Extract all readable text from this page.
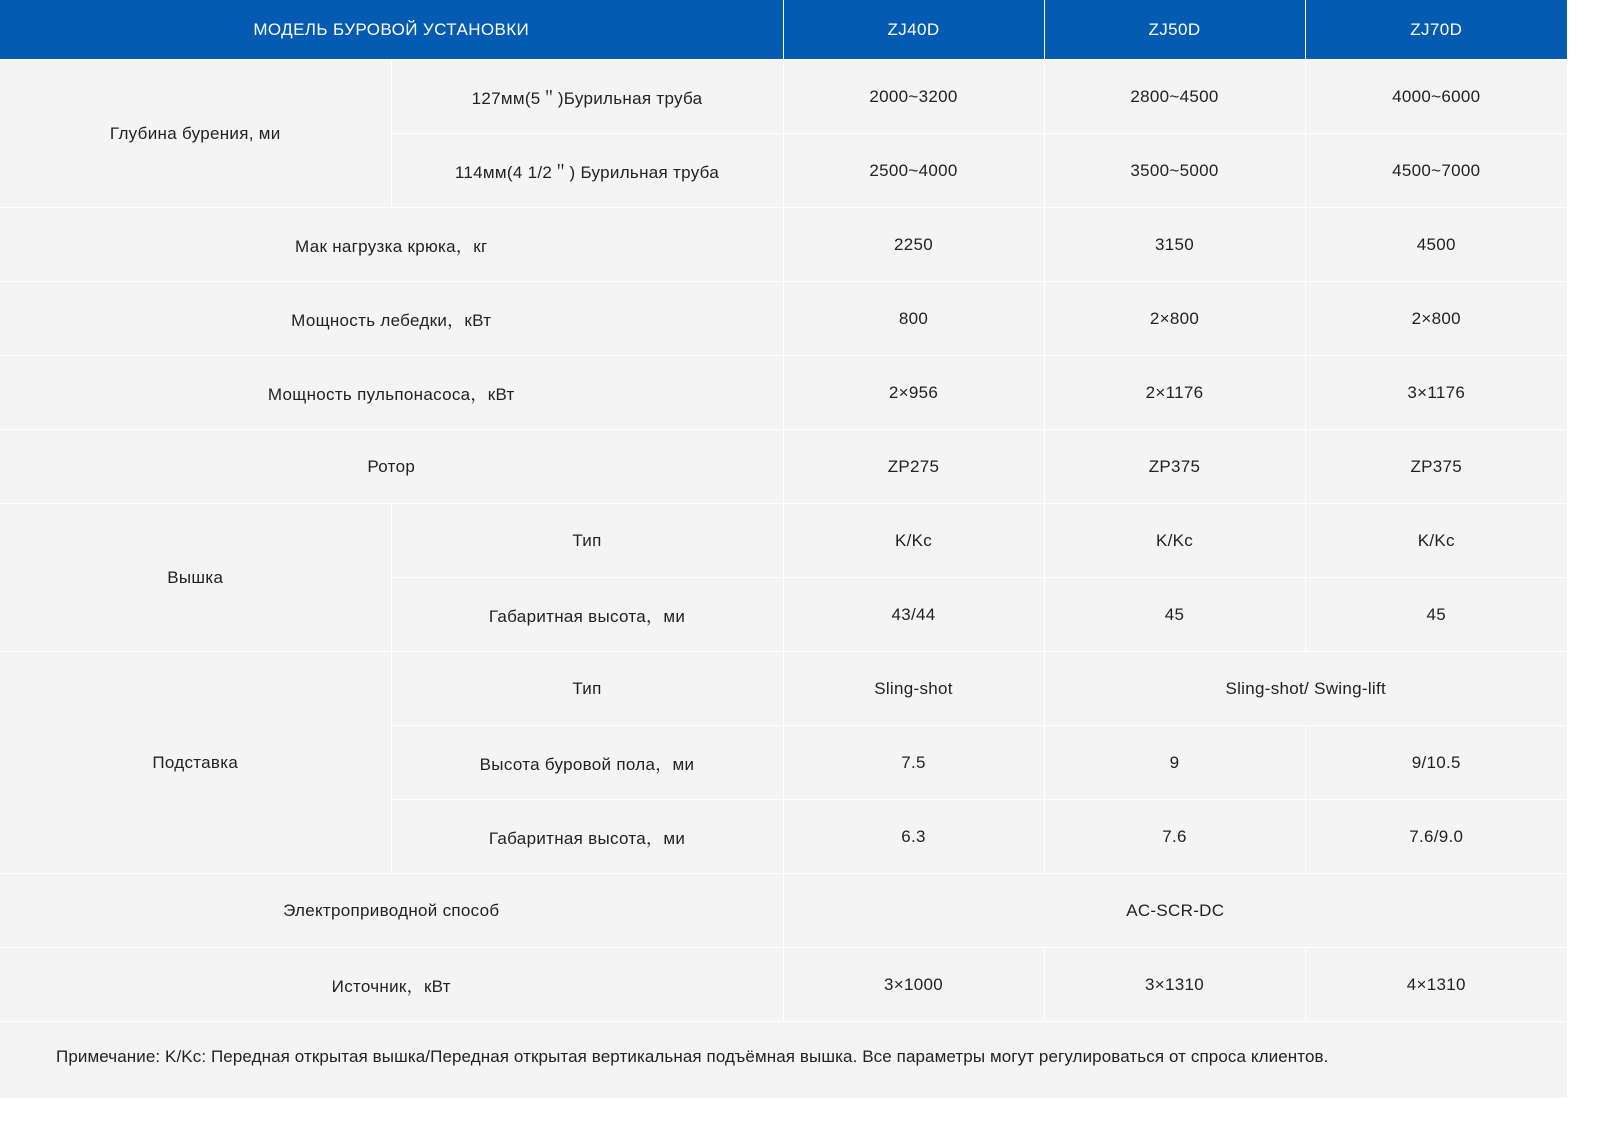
МОДЕЛЬ БУРОВОЙ УСТАНОВКИ		ZJ40D	ZJ50D	ZJ70D
Глубина бурения, ми	127мм(5＂)Бурильная труба	2000~3200	2800~4500	4000~6000
	114мм(4 1/2＂) Бурильная труба	2500~4000	3500~5000	4500~7000
Мак нагрузка крюка，кг		2250	3150	4500
Мощность лебедки，кВт		800	2×800	2×800
Мощность пульпонасоса，кВт		2×956	2×1176	3×1176
Ротор		ZP275	ZP375	ZP375
Вышка	Тип	K/Kc	K/Kc	K/Kc
	Габаритная высота，ми	43/44	45	45
Подставка	Тип	Sling-shot	Sling-shot/ Swing-lift	
	Высота буровой пола，ми	7.5	9	9/10.5
	Габаритная высота，ми	6.3	7.6	7.6/9.0
Электроприводной способ		AC-SCR-DC		
Источник，кВт		3×1000	3×1310	4×1310
Примечание: K/Kc: Передная открытая вышка/Передная открытая вертикальная подъёмная вышка. Все параметры могут регулироваться от спроса клиентов.
